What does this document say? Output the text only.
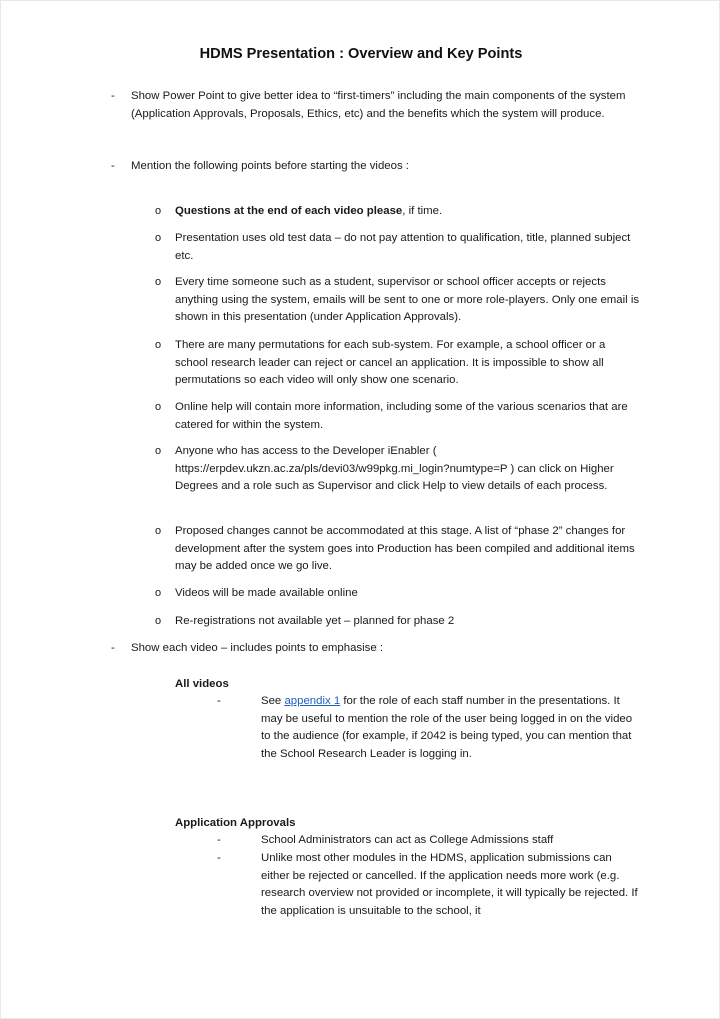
HDMS Presentation : Overview and Key Points
-	Show Power Point to give better idea to “first-timers” including the main components of the system (Application Approvals, Proposals, Ethics, etc) and the benefits which the system will produce.
-	Mention the following points before starting the videos :
o	Questions at the end of each video please, if time.
o	Presentation uses old test data – do not pay attention to qualification, title, planned subject etc.
o	Every time someone such as a student, supervisor or school officer accepts or rejects anything using the system, emails will be sent to one or more role-players. Only one email is shown in this presentation (under Application Approvals).
o	There are many permutations for each sub-system. For example, a school officer or a school research leader can reject or cancel an application. It is impossible to show all permutations so each video will only show one scenario.
o	Online help will contain more information, including some of the various scenarios that are catered for within the system.
o	Anyone who has access to the Developer iEnabler ( https://erpdev.ukzn.ac.za/pls/devi03/w99pkg.mi_login?numtype=P ) can click on Higher Degrees and a role such as Supervisor and click Help to view details of each process.
o	Proposed changes cannot be accommodated at this stage. A list of “phase 2” changes for development after the system goes into Production has been compiled and additional items may be added once we go live.
o	Videos will be made available online
o	Re-registrations not available yet – planned for phase 2
-	Show each video – includes points to emphasise :
All videos
-	See appendix 1 for the role of each staff number in the presentations. It may be useful to mention the role of the user being logged in on the video to the audience (for example, if 2042 is being typed, you can mention that the School Research Leader is logging in.
Application Approvals
-	School Administrators can act as College Admissions staff
-	Unlike most other modules in the HDMS, application submissions can either be rejected or cancelled. If the application needs more work (e.g. research overview not provided or incomplete, it will typically be rejected. If the application is unsuitable to the school, it
